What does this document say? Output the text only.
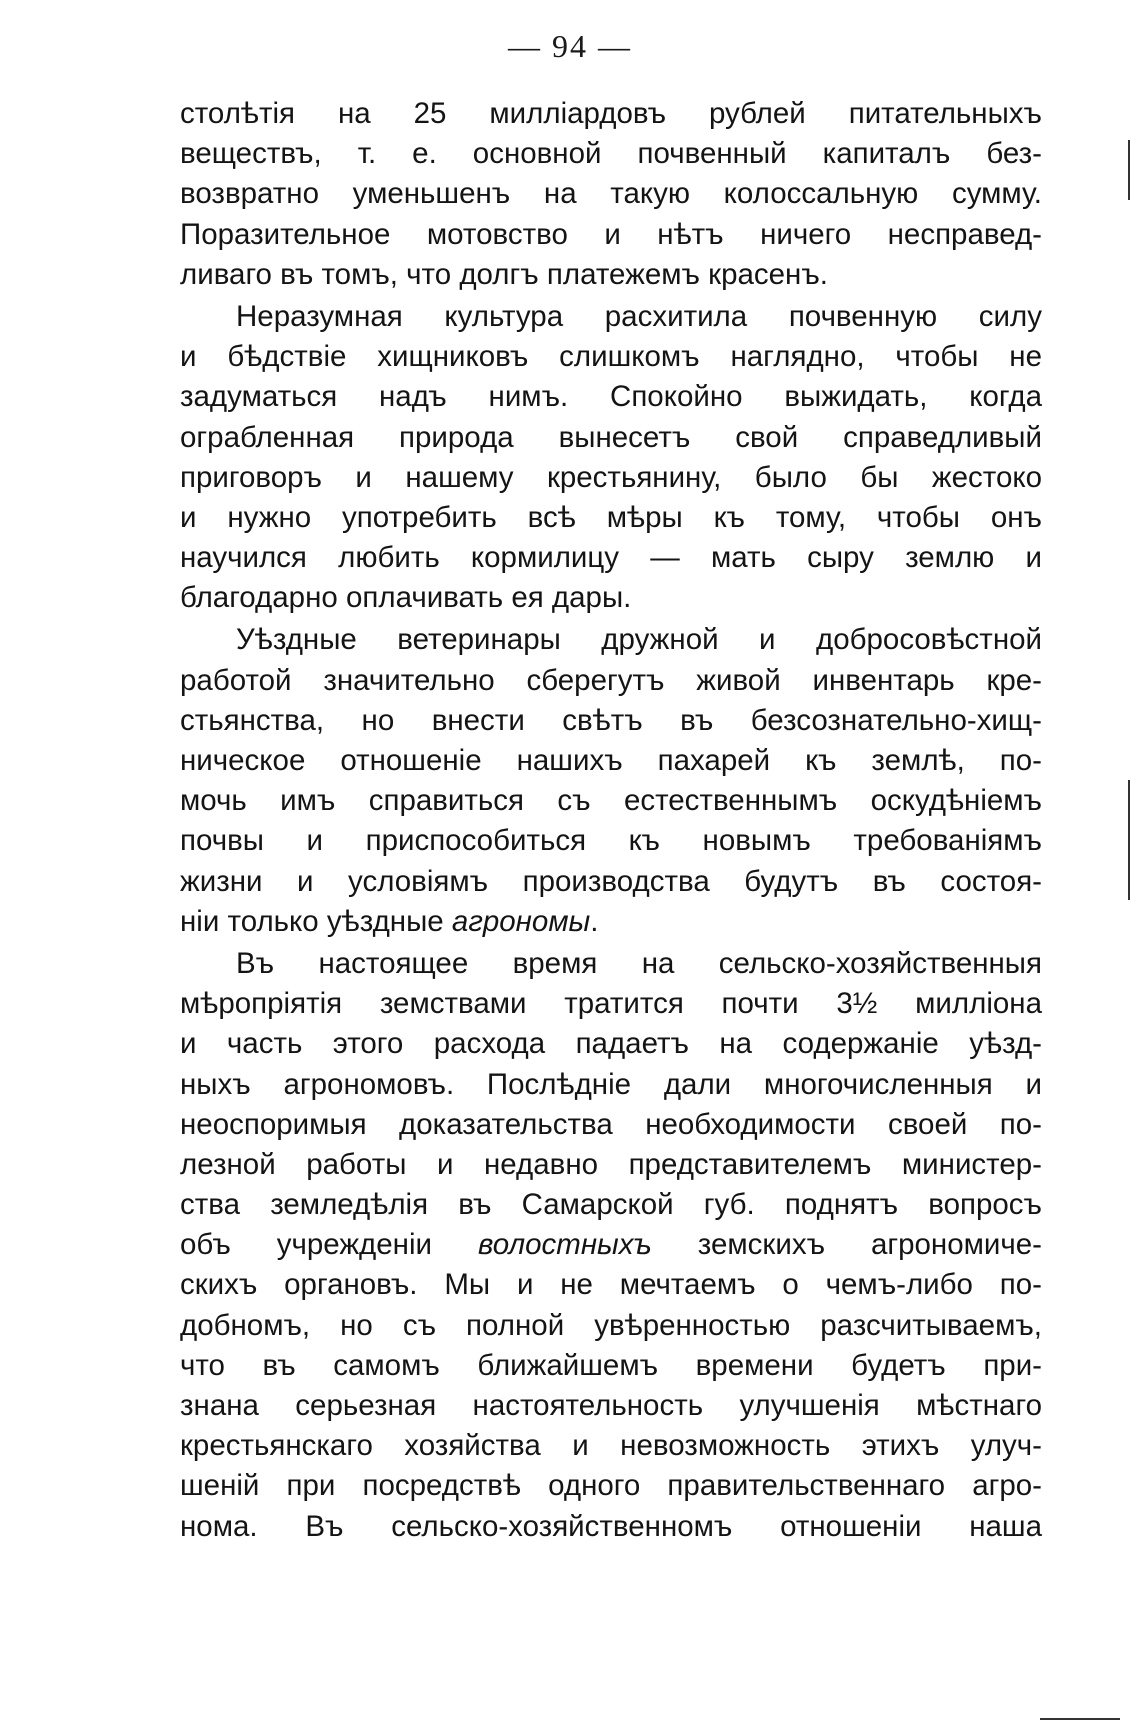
— 94 —
столѣтія на 25 милліардовъ рублей питательныхъ
веществъ, т. е. основной почвенный капиталъ без-
возвратно уменьшенъ на такую колоссальную сумму.
Поразительное мотовство и нѣтъ ничего несправед-
ливаго въ томъ, что долгъ платежемъ красенъ.
Неразумная культура расхитила почвенную силу
и бѣдствіе хищниковъ слишкомъ наглядно, чтобы не
задуматься надъ нимъ. Спокойно выжидать, когда
ограбленная природа вынесетъ свой справедливый
приговоръ и нашему крестьянину, было бы жестоко
и нужно употребить всѣ мѣры къ тому, чтобы онъ
научился любить кормилицу — мать сыру землю и
благодарно оплачивать ея дары.
Уѣздные ветеринары дружной и добросовѣстной
работой значительно сберегутъ живой инвентарь кре-
стьянства, но внести свѣтъ въ безсознательно-хищ-
ническое отношеніе нашихъ пахарей къ землѣ, по-
мочь имъ справиться съ естественнымъ оскудѣніемъ
почвы и приспособиться къ новымъ требованіямъ
жизни и условіямъ производства будутъ въ состоя-
ніи только уѣздные агрономы.
Въ настоящее время на сельско-хозяйственныя
мѣропріятія земствами тратится почти 3½ милліона
и часть этого расхода падаетъ на содержаніе уѣзд-
ныхъ агрономовъ. Послѣдніе дали многочисленныя и
неоспоримыя доказательства необходимости своей по-
лезной работы и недавно представителемъ министер-
ства земледѣлія въ Самарской губ. поднятъ вопросъ
объ учрежденіи волостныхъ земскихъ агрономиче-
скихъ органовъ. Мы и не мечтаемъ о чемъ-либо по-
добномъ, но съ полной увѣренностью разсчитываемъ,
что въ самомъ ближайшемъ времени будетъ при-
знана серьезная настоятельность улучшенія мѣстнаго
крестьянскаго хозяйства и невозможность этихъ улуч-
шеній при посредствѣ одного правительственнаго агро-
нома. Въ сельско-хозяйственномъ отношеніи наша
